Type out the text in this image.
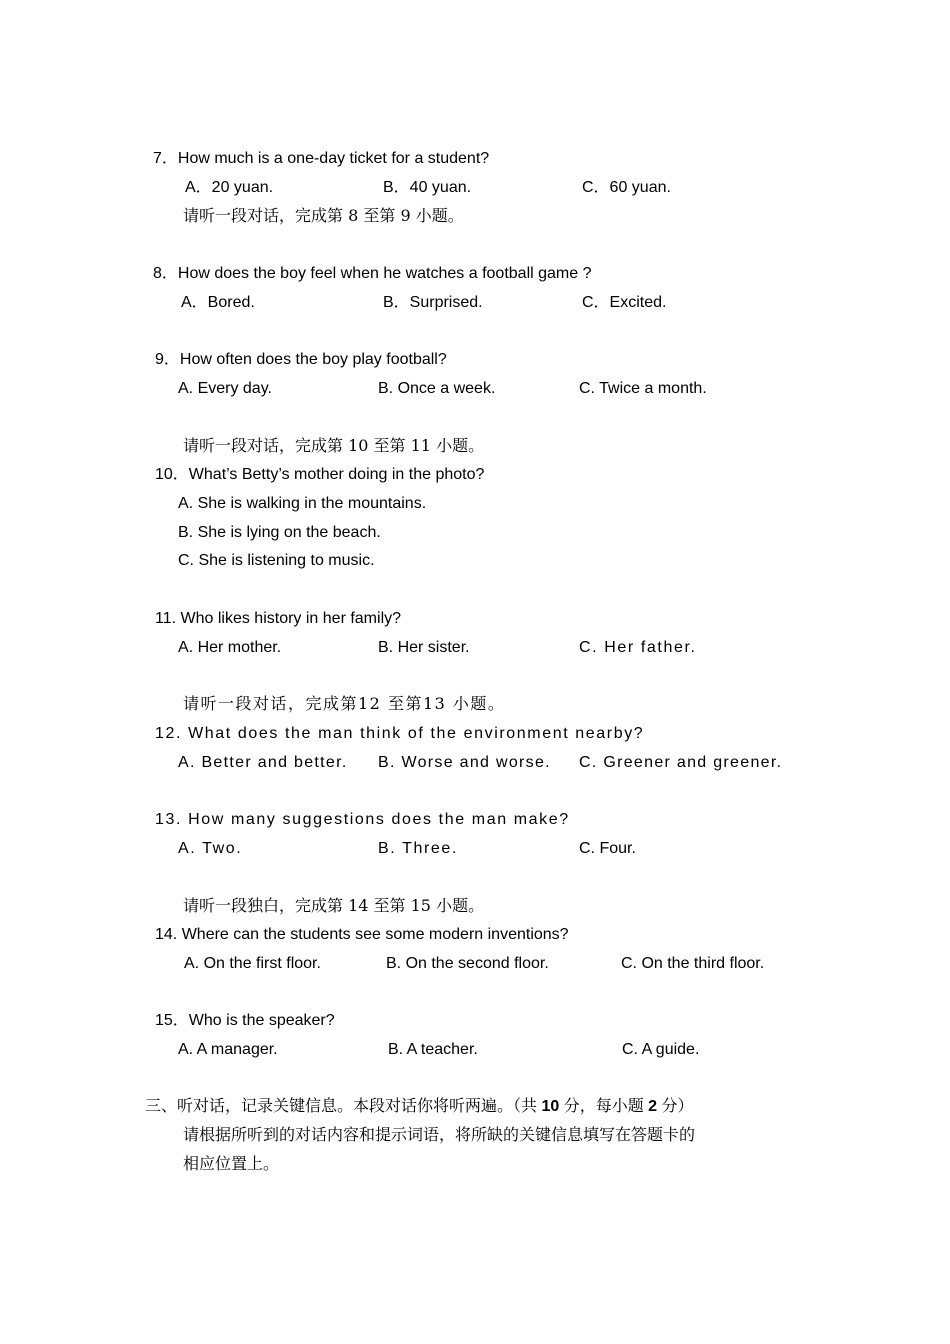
7．How much is a one-day ticket for a student?
A．20 yuan.	B．40 yuan.	C．60 yuan.
请听一段对话，完成第 8 至第 9 小题。
8．How does the boy feel when he watches a football game ?
A．Bored.	B．Surprised.	C．Excited.
9．How often does the boy play football?
A. Every day.	B. Once a week.	C. Twice a month.
请听一段对话，完成第 10 至第 11 小题。
10．What’s Betty’s mother doing in the photo?
A. She is walking in the mountains.
B. She is lying on the beach.
C. She is listening to music.
11. Who likes history in her family?
A. Her mother.	B. Her sister.	C. Her father.
请听一段对话，完成第12 至第13 小题。
12. What does the man think of the environment nearby?
A. Better and better. B. Worse and worse. C. Greener and greener.
13. How many suggestions does the man make?
A. Two.	B. Three.	C. Four.
请听一段独白，完成第 14 至第 15 小题。
14. Where can the students see some modern inventions?
A. On the first floor.	B. On the second floor.	C. On the third floor.
15．Who is the speaker?
A. A manager.	B. A teacher.	C. A guide.
三、听对话，记录关键信息。本段对话你将听两遍。（共 10 分，每小题 2 分）
请根据所听到的对话内容和提示词语，将所缺的关键信息填写在答题卡的
相应位置上。
